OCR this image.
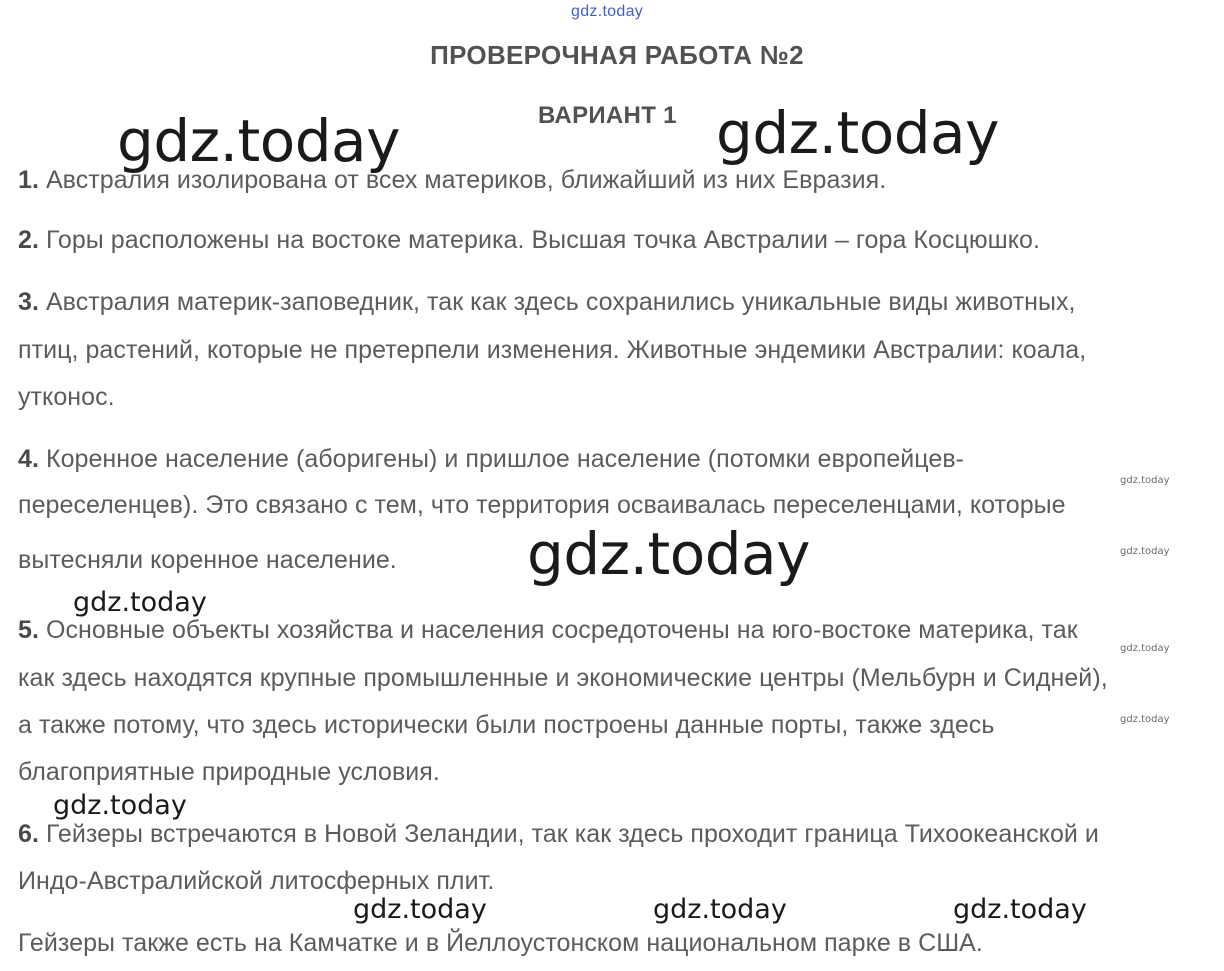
gdz.today
gdz.today	gdz.today
gdz.today
gdz.today
gdz.today
gdz.today	gdz.today	gdz.today
gdz.today
gdz.today
gdz.today
gdz.today
ПРОВЕРОЧНАЯ РАБОТА №2
ВАРИАНТ 1
1. Австралия изолирована от всех материков, ближайший из них Евразия.
2. Горы расположены на востоке материка. Высшая точка Австралии – гора Косцюшко.
3. Австралия материк-заповедник, так как здесь сохранились уникальные виды животных,
птиц, растений, которые не претерпели изменения. Животные эндемики Австралии: коала,
утконос.
4. Коренное население (аборигены) и пришлое население (потомки европейцев-
переселенцев). Это связано с тем, что территория осваивалась переселенцами, которые
вытесняли коренное население.
5. Основные объекты хозяйства и населения сосредоточены на юго-востоке материка, так
как здесь находятся крупные промышленные и экономические центры (Мельбурн и Сидней),
а также потому, что здесь исторически были построены данные порты, также здесь
благоприятные природные условия.
6. Гейзеры встречаются в Новой Зеландии, так как здесь проходит граница Тихоокеанской и
Индо-Австралийской литосферных плит.
Гейзеры также есть на Камчатке и в Йеллоустонском национальном парке в США.
